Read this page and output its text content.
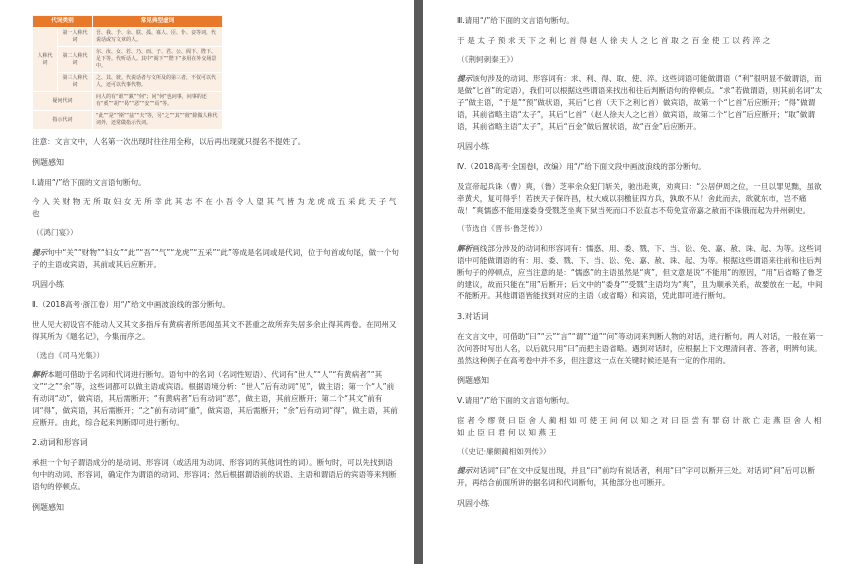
代词类别		常见典型虚词
人称代词	第一人称代词	吾、我、予、余、朕、孤、寡人、臣、仆、妾等词，代说话或写文章的人。
	第二人称代词	尔、汝、女、若、乃、而、子、君、公、阁下、陛下、足下等。代听话人。其中“阁下”“陛下”多用在外交场景中。
	第三人称代词	之、其、彼。代说话者与文所及的第三者，不仅可以代人，还可以代事代物。
疑问代词		问人的有“谁”“孰”“何”；问“何”也问事，问事的还有“奚”“胡”“曷”“恶”“安”“焉”等。
指示代词		“此”“是”“斯”“兹”“夫”等，另“之”“其”“彼”除做人称代词外，还常做指示代词。

注意：文言文中，人名第一次出现时往往用全称，以后再出现就只提名不提姓了。

例题感知

Ⅰ.请用“/”给下面的文言语句断句。

今入关财物无所取妇女无所幸此其志不在小吾令人望其气皆为龙虎成五采此天子气也

（《鸿门宴》）

提示句中“关”“财物”“妇女”“此”“吾”“气”“龙虎”“五采”“此”等成是名词或是代词，位于句首或句尾，做一个句子的主语或宾语，其前或其后应断开。

巩固小练

Ⅱ.（2018高考·浙江卷）用“/”给文中画波浪线的部分断句。

世人见大初设官不能动人又其文多指斥有黄病者所恶闻虽其文不甚重之故所弃失居多余止得其两卷。在同州又得其所为《题名记》，今集而序之。

（选自《司马光集》）

解析本题可借助于名词和代词进行断句。语句中的名词（名词性短语）、代词有“世人”“人”“有黄病者”“其文”“之”“余”等，这些词都可以做主语或宾语。根据语境分析：“世人”后有动词“见”，做主语；第一个“人”前有动词“动”，做宾语，其后需断开；“有黄病者”后有动词“恶”，做主语，其前应断开；第二个“其文”前有词“得”，做宾语，其后需断开；“之”前有动词“重”，做宾语，其后需断开；“余”后有动词“得”，做主语，其前应断开。由此，综合起来判断即可进行断句。

2.动词和形容词

承担一个句子谓语成分的是动词、形容词（或活用为动词、形容词的其他词性的词）。断句时，可以先找到语句中的动词、形容词，确定作为谓语的动词、形容词；然后根据谓语前的状语、主语和谓语后的宾语等来判断语句的停顿点。

例题感知

Ⅲ.请用“/”给下面的文言语句断句。

于是太子预求天下之利匕首得赵人徐夫人之匕首取之百金使工以药淬之

（《荆轲刺秦王》）

提示该句涉及的动词、形容词有：求、利、得、取、使、淬。这些词语可能做谓语（“利”很明显不做谓语，而是做“匕首”的定语），我们可以根据这些谓语来找出和往后判断语句的停顿点。“求”若做谓语，则其前名词“太子”做主语，“于是”“预”做状语，其后“匕首（天下之利匕首）做宾语，故第一个“匕首”后应断开；“得”做谓语，其前省略主语“太子”，其后“匕首”（赵人徐夫人之匕首）做宾语，故第二个“匕首”后应断开；“取”做谓语，其前省略主语“太子”，其后“百金”做后置状语，故“百金”后应断开。

巩固小练

Ⅳ.（2018高考·全国卷Ⅰ，改编）用“/”给下面文段中画波浪线的部分断句。

及宣帝起兵诛（曹）爽，（鲁）芝率余众犯门斩关，驰出赴爽，劝爽曰：“公居伊周之位，一旦以罪见黜，虽欲牵黄犬，复可得乎！若挟天子保许昌，杖大威以羽檄征四方兵，孰敢不从！舍此而去，欲就东市，岂不痛哉！”爽懦惑不能用遂委身受戮芝坐爽下狱当死而口不讼直志不苟免宣帝嘉之赦而不诛俄而起为并州刺史。

（节选自《晋书·鲁芝传》）

解析画线部分涉及的动词和形容词有：懦惑、用、委、戮、下、当、讼、免、嘉、赦、诛、起、为等。这些词语中可能做谓语的有：用、委、戮、下、当、讼、免、嘉、赦、诛、起、为等。根据这些谓语来往前和往后判断句子的停顿点，应当注意的是：“懦惑”的主语虽然是“爽”，但文意是说“不能用”的原因，“用”后省略了鲁芝的建议，故而只能在“用”后断开；后文中的“委身”“受戮”主语均为“爽”，且为顺承关系，故要放在一起，中间不能断开。其他谓语皆能找到对应的主语（或省略）和宾语，凭此即可进行断句。

3.对话词

在文言文中，可借助“曰”“云”“言”“谓”“道”“问”等动词来判断人物的对话，进行断句。两人对话，一般在第一次问答时写出人名，以后就只用“曰”而把主语省略。遇到对话时，应根据上下文理清问者、答者，明辨句读。虽然这种例子在高考卷中并不多，但注意这一点在关键时候还是有一定的作用的。

例题感知

Ⅴ.请用“/”给下面的文言语句断句。

宦者令缪贤曰臣舍人蔺相如可使王问何以知之对曰臣尝有罪窃计欲亡走燕臣舍人相如止臣曰君何以知燕王

（《史记·廉颇蔺相如列传》）

提示对话词“曰”在文中反复出现，并且“曰”前均有说话者，利用“曰”字可以断开三处。对话词“问”后可以断开，再结合前面所讲的据名词和代词断句，其他部分也可断开。

巩固小练
